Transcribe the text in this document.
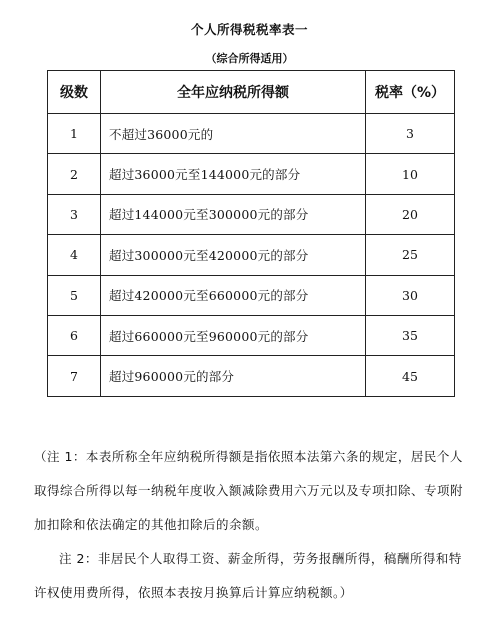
个人所得税税率表一
（综合所得适用）
级数	全年应纳税所得额	税率（%）
1	不超过36000元的	3
2	超过36000元至144000元的部分	10
3	超过144000元至300000元的部分	20
4	超过300000元至420000元的部分	25
5	超过420000元至660000元的部分	30
6	超过660000元至960000元的部分	35
7	超过960000元的部分	45

（注 1：本表所称全年应纳税所得额是指依照本法第六条的规定，居民个人取得综合所得以每一纳税年度收入额减除费用六万元以及专项扣除、专项附加扣除和依法确定的其他扣除后的余额。

注 2：非居民个人取得工资、薪金所得，劳务报酬所得，稿酬所得和特许权使用费所得，依照本表按月换算后计算应纳税额。）
